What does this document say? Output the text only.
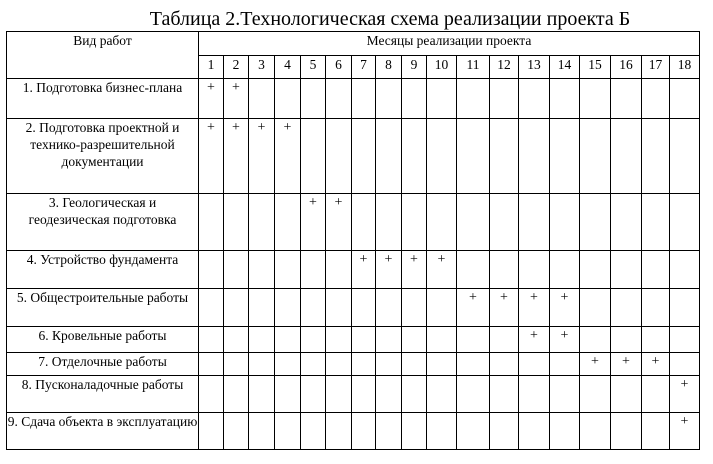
Таблица 2.Технологическая схема реализации проекта Б
Вид работ	Месяцы реализации проекта																	
	1	2	3	4	5	6	7	8	9	10	11	12	13	14	15	16	17	18
1. Подготовка бизнес-плана	+	+																
2. Подготовка проектной и технико-разрешительной документации	+	+	+	+														
3. Геологическая и геодезическая подготовка					+	+												
4. Устройство фундамента							+	+	+	+								
5. Общестроительные работы											+	+	+	+				
6. Кровельные работы													+	+				
7. Отделочные работы															+	+	+	
8. Пусконаладочные работы																		+
9. Сдача объекта в эксплуатацию																		+
